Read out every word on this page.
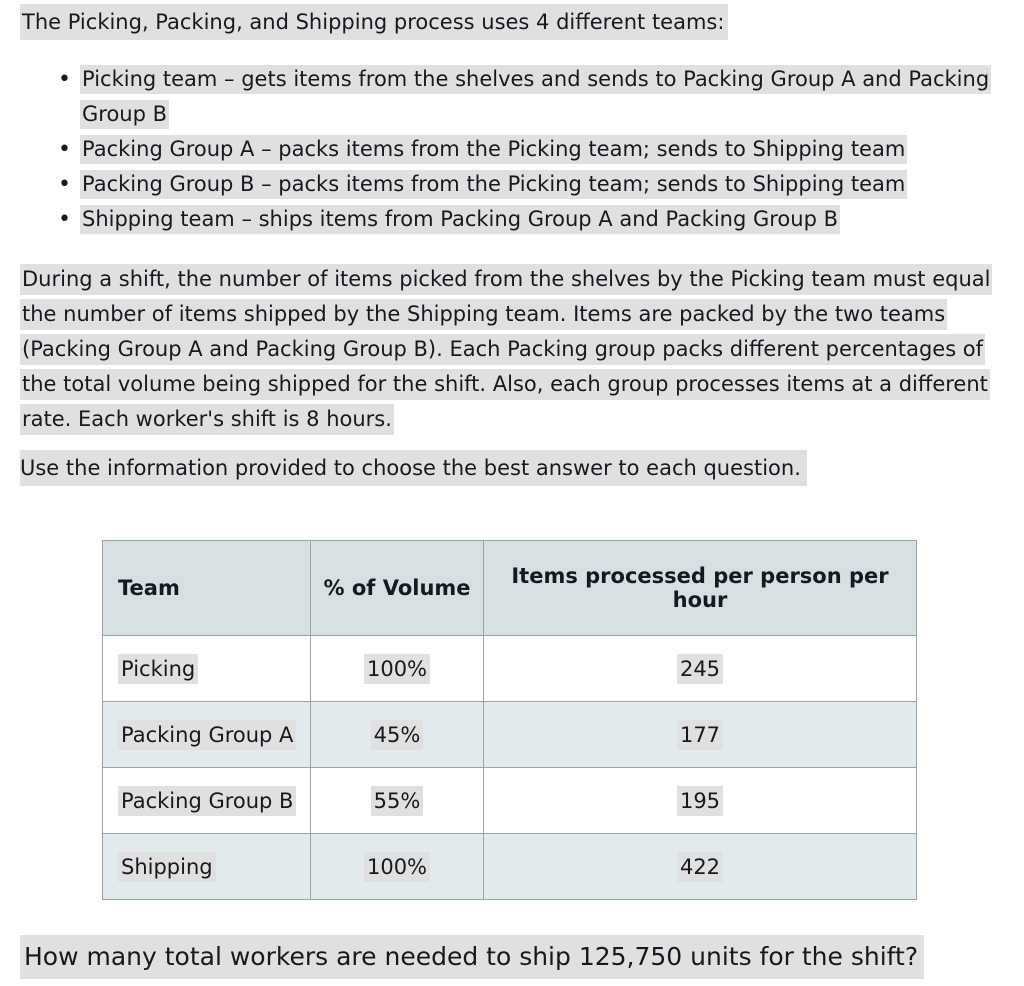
The Picking, Packing, and Shipping process uses 4 different teams:
• Picking team – gets items from the shelves and sends to Packing Group A and Packing Group B
• Packing Group A – packs items from the Picking team; sends to Shipping team
• Packing Group B – packs items from the Picking team; sends to Shipping team
• Shipping team – ships items from Packing Group A and Packing Group B

During a shift, the number of items picked from the shelves by the Picking team must equal the number of items shipped by the Shipping team. Items are packed by the two teams (Packing Group A and Packing Group B). Each Packing group packs different percentages of the total volume being shipped for the shift. Also, each group processes items at a different rate. Each worker's shift is 8 hours.

Use the information provided to choose the best answer to each question.
Team	% of Volume	Items processed per person per hour
Picking	100%	245
Packing Group A	45%	177
Packing Group B	55%	195
Shipping	100%	422
How many total workers are needed to ship 125,750 units for the shift?
